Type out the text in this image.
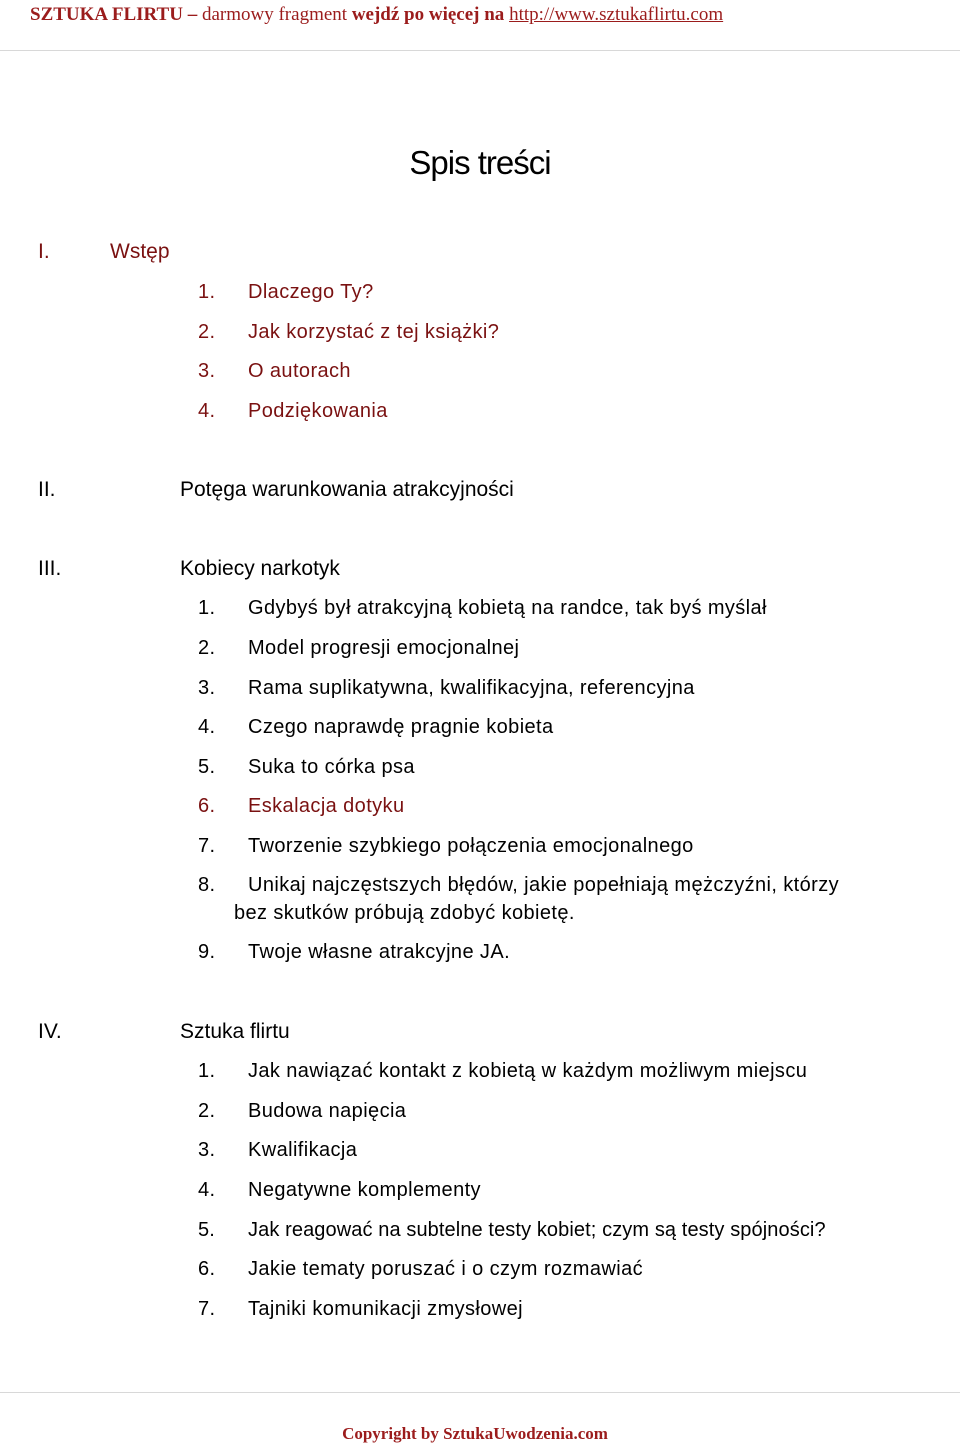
SZTUKA FLIRTU – darmowy fragment wejdź po więcej na http://www.sztukaflirtu.com
Spis treści
I.	Wstęp
1. Dlaczego Ty?
2. Jak korzystać z tej książki?
3. O autorach
4. Podziękowania
II.	Potęga warunkowania atrakcyjności
III.	Kobiecy narkotyk
1. Gdybyś był atrakcyjną kobietą na randce, tak byś myślał
2. Model progresji emocjonalnej
3. Rama suplikatywna, kwalifikacyjna, referencyjna
4. Czego naprawdę pragnie kobieta
5. Suka to córka psa
6. Eskalacja dotyku
7. Tworzenie szybkiego połączenia emocjonalnego
8. Unikaj najczęstszych błędów, jakie popełniają mężczyźni, którzy
bez skutków próbują zdobyć kobietę.
9. Twoje własne atrakcyjne JA.
IV.	Sztuka flirtu
1. Jak nawiązać kontakt z kobietą w każdym możliwym miejscu
2. Budowa napięcia
3. Kwalifikacja
4. Negatywne komplementy
5. Jak reagować na subtelne testy kobiet; czym są testy spójności?
6. Jakie tematy poruszać i o czym rozmawiać
7. Tajniki komunikacji zmysłowej
Copyright by SztukaUwodzenia.com
